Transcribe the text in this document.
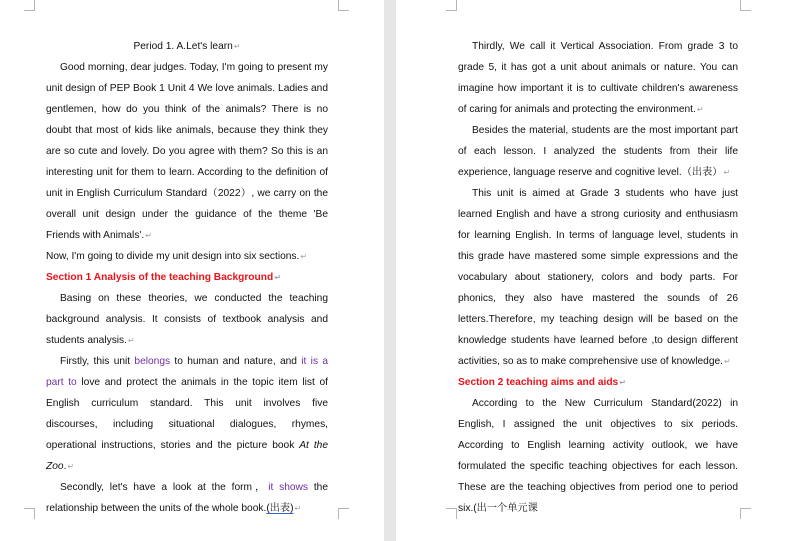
Period 1. A.Let's learn↵

Good morning, dear judges. Today, I'm going to present my unit design of PEP Book 1 Unit 4 We love animals. Ladies and gentlemen, how do you think of the animals? There is no doubt that most of kids like animals, because they think they are so cute and lovely. Do you agree with them? So this is an interesting unit for them to learn. According to the definition of unit in English Curriculum Standard（2022）, we carry on the overall unit design under the guidance of the theme 'Be Friends with Animals'.↵

Now, I'm going to divide my unit design into six sections.↵

Section 1 Analysis of the teaching Background↵

Basing on these theories, we conducted the teaching background analysis. It consists of textbook analysis and students analysis.↵

Firstly, this unit belongs to human and nature, and it is a part to love and protect the animals in the topic item list of English curriculum standard. This unit involves five discourses, including situational dialogues, rhymes, operational instructions, stories and the picture book At the Zoo.↵

Secondly, let's have a look at the form，it shows the relationship between the units of the whole book.(出表)↵

Thirdly, We call it Vertical Association. From grade 3 to grade 5, it has got a unit about animals or nature. You can imagine how important it is to cultivate children's awareness of caring for animals and protecting the environment.↵

Besides the material, students are the most important part of each lesson. I analyzed the students from their life experience, language reserve and cognitive level.（出表）↵

This unit is aimed at Grade 3 students who have just learned English and have a strong curiosity and enthusiasm for learning English. In terms of language level, students in this grade have mastered some simple expressions and the vocabulary about stationery, colors and body parts. For phonics, they also have mastered the sounds of 26 letters.Therefore, my teaching design will be based on the knowledge students have learned before ,to design different activities, so as to make comprehensive use of knowledge.↵

Section 2 teaching aims and aids↵

According to the New Curriculum Standard(2022) in English, I assigned the unit objectives to six periods. According to English learning activity outlook, we have formulated the specific teaching objectives for each lesson. These are the teaching objectives from period one to period six.(出一个单元课
